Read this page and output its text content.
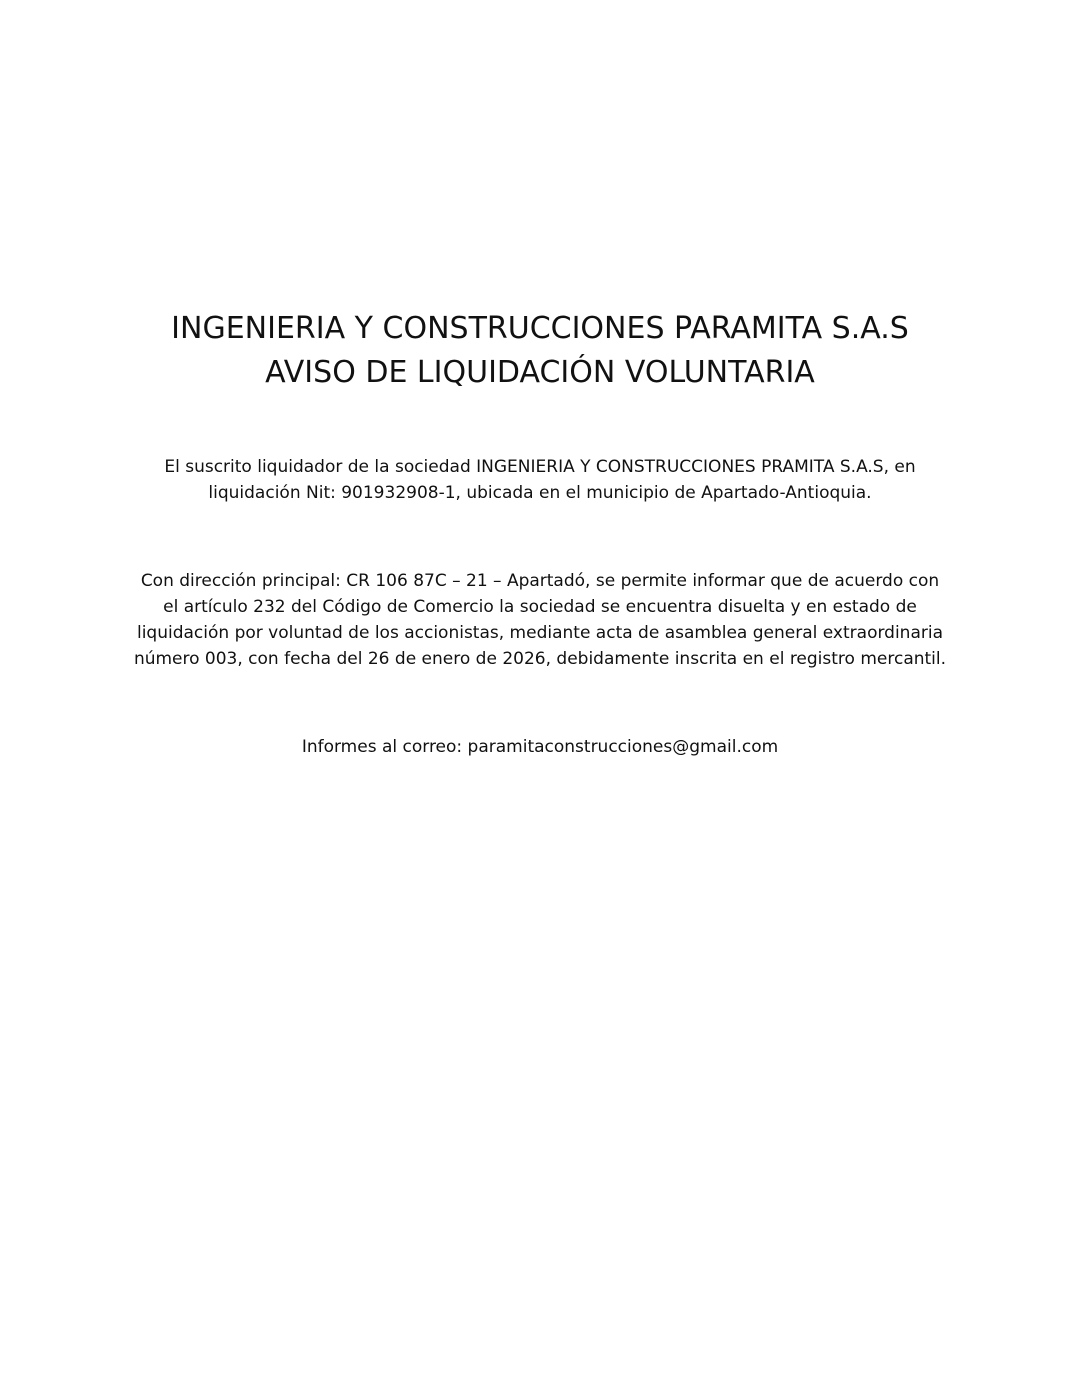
INGENIERIA Y CONSTRUCCIONES PARAMITA S.A.S
AVISO DE LIQUIDACIÓN VOLUNTARIA
El suscrito liquidador de la sociedad INGENIERIA Y CONSTRUCCIONES PRAMITA S.A.S, en
liquidación Nit: 901932908-1, ubicada en el municipio de Apartado-Antioquia.
Con dirección principal: CR 106 87C – 21 – Apartadó, se permite informar que de acuerdo con
el artículo 232 del Código de Comercio la sociedad se encuentra disuelta y en estado de
liquidación por voluntad de los accionistas, mediante acta de asamblea general extraordinaria
número 003, con fecha del 26 de enero de 2026, debidamente inscrita en el registro mercantil.
Informes al correo: paramitaconstrucciones@gmail.com
